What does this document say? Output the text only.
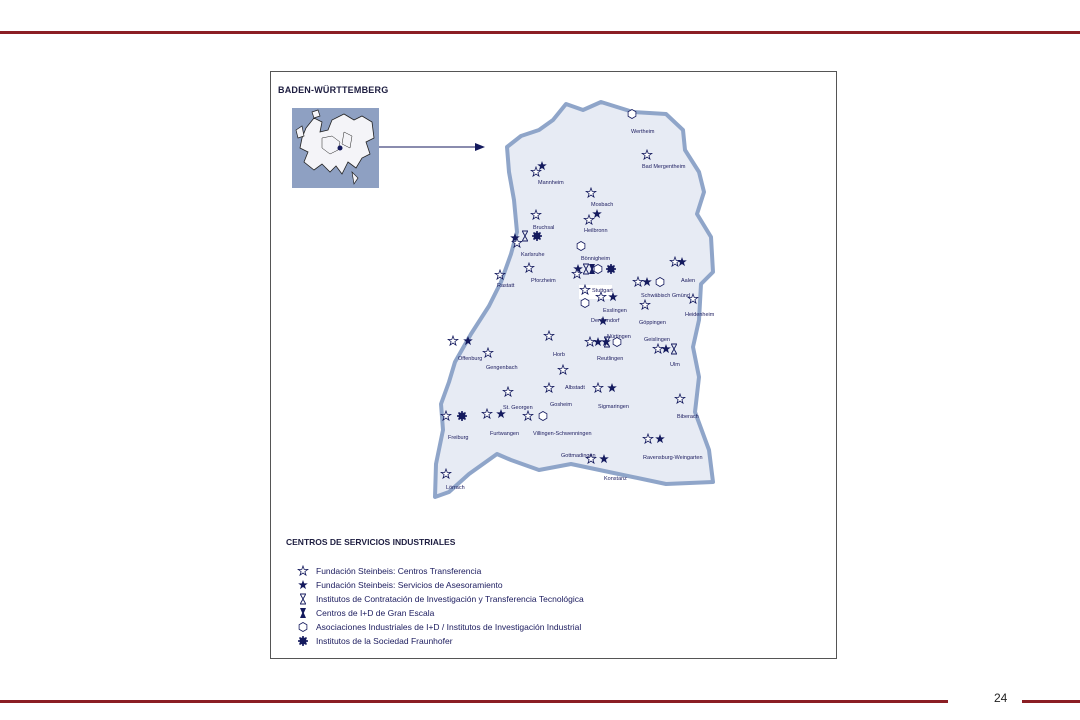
BADEN-WÜRTTEMBERG
Wertheim
Bad Mergentheim
Mannheim
Mosbach
Bruchsal	Heilbronn
Karlsruhe
Bönnigheim
Rastatt
Pforzheim	Aalen
Stuttgart
Schwäbisch Gmünd
Heidenheim
Esslingen
Denkendorf	Göppingen
Nürtingen Geislingen
Offenburg
Horb
Reutlingen
Ulm
Gengenbach
Albstadt
St. Georgen	Gosheim	Sigmaringen
Biberach
Freiburg
Furtwangen	Villingen-Schwenningen
Ravensburg-Weingarten
Gottmadingen
Lörrach
Konstanz
CENTROS DE SERVICIOS INDUSTRIALES
Fundación Steinbeis: Centros Transferencia
Fundación Steinbeis: Servicios de Asesoramiento
Institutos de Contratación de Investigación y Transferencia Tecnológica
Centros de I+D de Gran Escala
Asociaciones Industriales de I+D / Institutos de Investigación Industrial
Institutos de la Sociedad Fraunhofer
24
